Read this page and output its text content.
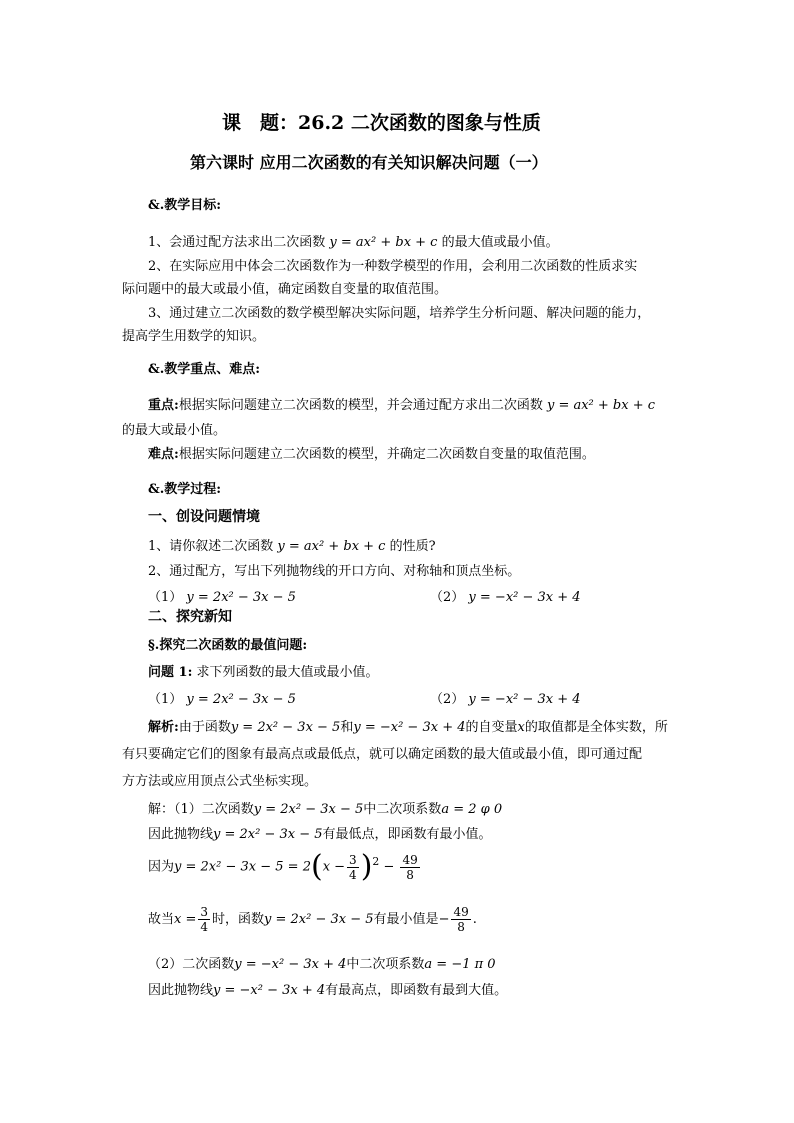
课　题：26.2 二次函数的图象与性质
第六课时 应用二次函数的有关知识解决问题（一）
&.教学目标:
1、会通过配方法求出二次函数 y = ax² + bx + c 的最大值或最小值。
2、在实际应用中体会二次函数作为一种数学模型的作用，会利用二次函数的性质求实
际问题中的最大或最小值，确定函数自变量的取值范围。
3、通过建立二次函数的数学模型解决实际问题，培养学生分析问题、解决问题的能力，
提高学生用数学的知识。
&.教学重点、难点:
重点:根据实际问题建立二次函数的模型，并会通过配方求出二次函数 y = ax² + bx + c
的最大或最小值。
难点:根据实际问题建立二次函数的模型，并确定二次函数自变量的取值范围。
&.教学过程:
一、创设问题情境
1、请你叙述二次函数 y = ax² + bx + c 的性质?
2、通过配方，写出下列抛物线的开口方向、对称轴和顶点坐标。
（1） y = 2x² − 3x − 5	（2） y = −x² − 3x + 4
二、探究新知
§.探究二次函数的最值问题:
问题 1: 求下列函数的最大值或最小值。
（1） y = 2x² − 3x − 5	（2） y = −x² − 3x + 4
解析:由于函数y = 2x² − 3x − 5和y = −x² − 3x + 4的自变量x的取值都是全体实数，所
有只要确定它们的图象有最高点或最低点，就可以确定函数的最大值或最小值，即可通过配
方方法或应用顶点公式坐标实现。
解：（1）二次函数y = 2x² − 3x − 5中二次项系数a = 2 φ 0
因此抛物线y = 2x² − 3x − 5有最低点，即函数有最小值。
因为$y = 2x^2 - 3x - 5 = 2(x - \frac{3}{4} )^2 - \frac{49}{8}$
故当$x = \frac{3}{4}$ 时，函数y = 2x² − 3x − 5有最小值是− $\frac{49}{8}$ .
（2）二次函数y = −x² − 3x + 4中二次项系数a = −1 π 0
因此抛物线y = −x² − 3x + 4有最高点，即函数有最到大值。
